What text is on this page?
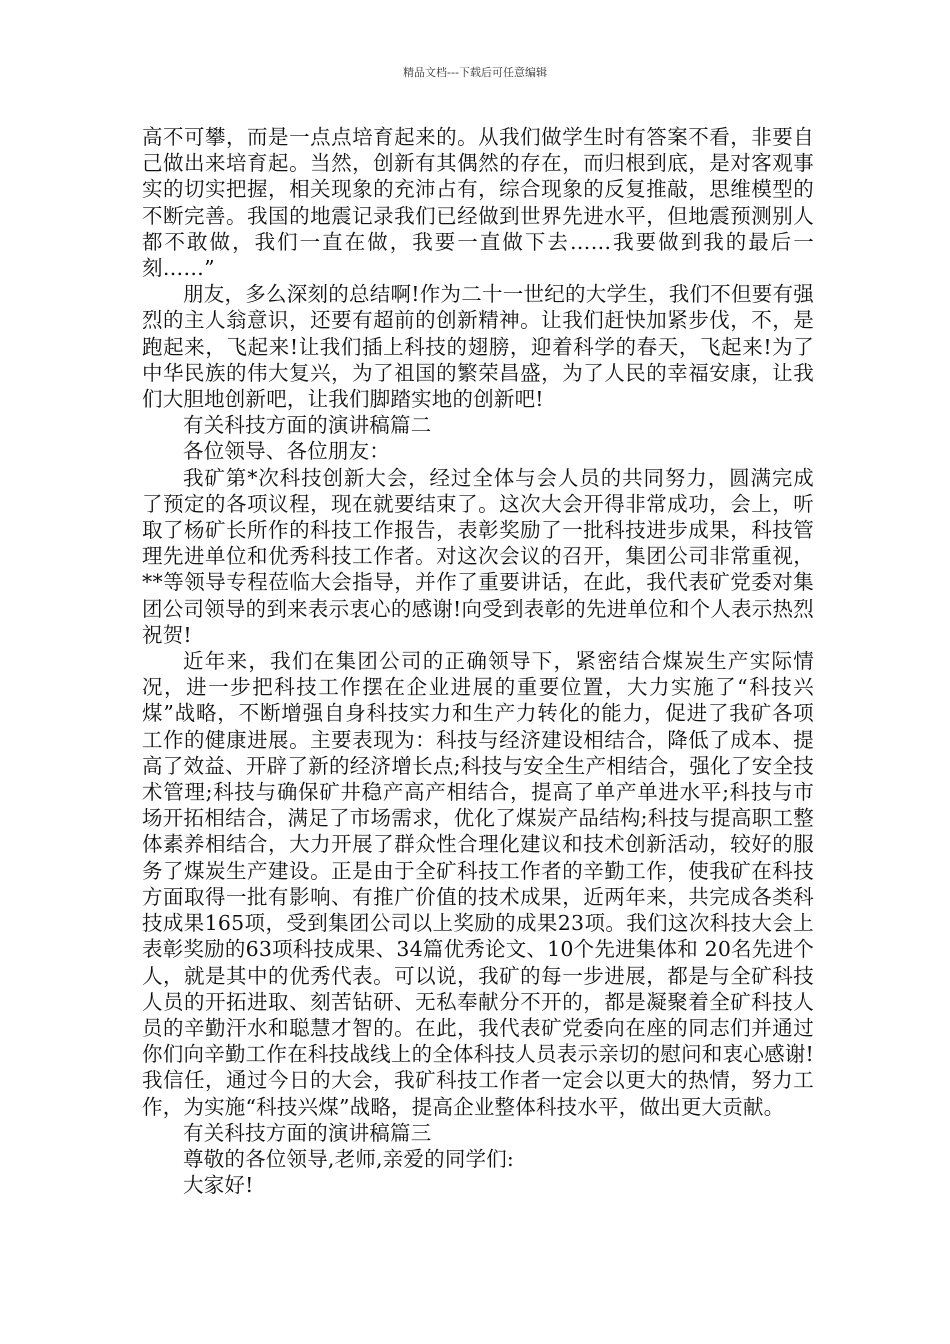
精品文档---下载后可任意编辑

高不可攀，而是一点点培育起来的。从我们做学生时有答案不看，非要自己做出来培育起。当然，创新有其偶然的存在，而归根到底，是对客观事实的切实把握，相关现象的充沛占有，综合现象的反复推敲，思维模型的不断完善。我国的地震记录我们已经做到世界先进水平，但地震预测别人都不敢做，我们一直在做，我要一直做下去……我要做到我的最后一刻……”

朋友，多么深刻的总结啊!作为二十一世纪的大学生，我们不但要有强烈的主人翁意识，还要有超前的创新精神。让我们赶快加紧步伐，不，是跑起来，飞起来!让我们插上科技的翅膀，迎着科学的春天，飞起来!为了中华民族的伟大复兴，为了祖国的繁荣昌盛，为了人民的幸福安康，让我们大胆地创新吧，让我们脚踏实地的创新吧!

有关科技方面的演讲稿篇二

各位领导、各位朋友：

我矿第*次科技创新大会，经过全体与会人员的共同努力，圆满完成了预定的各项议程，现在就要结束了。这次大会开得非常成功，会上，听取了杨矿长所作的科技工作报告，表彰奖励了一批科技进步成果，科技管理先进单位和优秀科技工作者。对这次会议的召开，集团公司非常重视， **等领导专程莅临大会指导，并作了重要讲话，在此，我代表矿党委对集团公司领导的到来表示衷心的感谢!向受到表彰的先进单位和个人表示热烈祝贺!

近年来，我们在集团公司的正确领导下，紧密结合煤炭生产实际情况，进一步把科技工作摆在企业进展的重要位置，大力实施了“科技兴煤”战略，不断增强自身科技实力和生产力转化的能力，促进了我矿各项工作的健康进展。主要表现为：科技与经济建设相结合，降低了成本、提高了效益、开辟了新的经济增长点;科技与安全生产相结合，强化了安全技术管理;科技与确保矿井稳产高产相结合，提高了单产单进水平;科技与市场开拓相结合，满足了市场需求，优化了煤炭产品结构;科技与提高职工整体素养相结合，大力开展了群众性合理化建议和技术创新活动，较好的服务了煤炭生产建设。正是由于全矿科技工作者的辛勤工作，使我矿在科技方面取得一批有影响、有推广价值的技术成果，近两年来，共完成各类科技成果165项，受到集团公司以上奖励的成果23项。我们这次科技大会上表彰奖励的63项科技成果、34篇优秀论文、10个先进集体和 20名先进个人，就是其中的优秀代表。可以说，我矿的每一步进展，都是与全矿科技人员的开拓进取、刻苦钻研、无私奉献分不开的，都是凝聚着全矿科技人员的辛勤汗水和聪慧才智的。在此，我代表矿党委向在座的同志们并通过你们向辛勤工作在科技战线上的全体科技人员表示亲切的慰问和衷心感谢!我信任，通过今日的大会，我矿科技工作者一定会以更大的热情，努力工作，为实施“科技兴煤”战略，提高企业整体科技水平，做出更大贡献。

有关科技方面的演讲稿篇三

尊敬的各位领导,老师,亲爱的同学们:

大家好!
